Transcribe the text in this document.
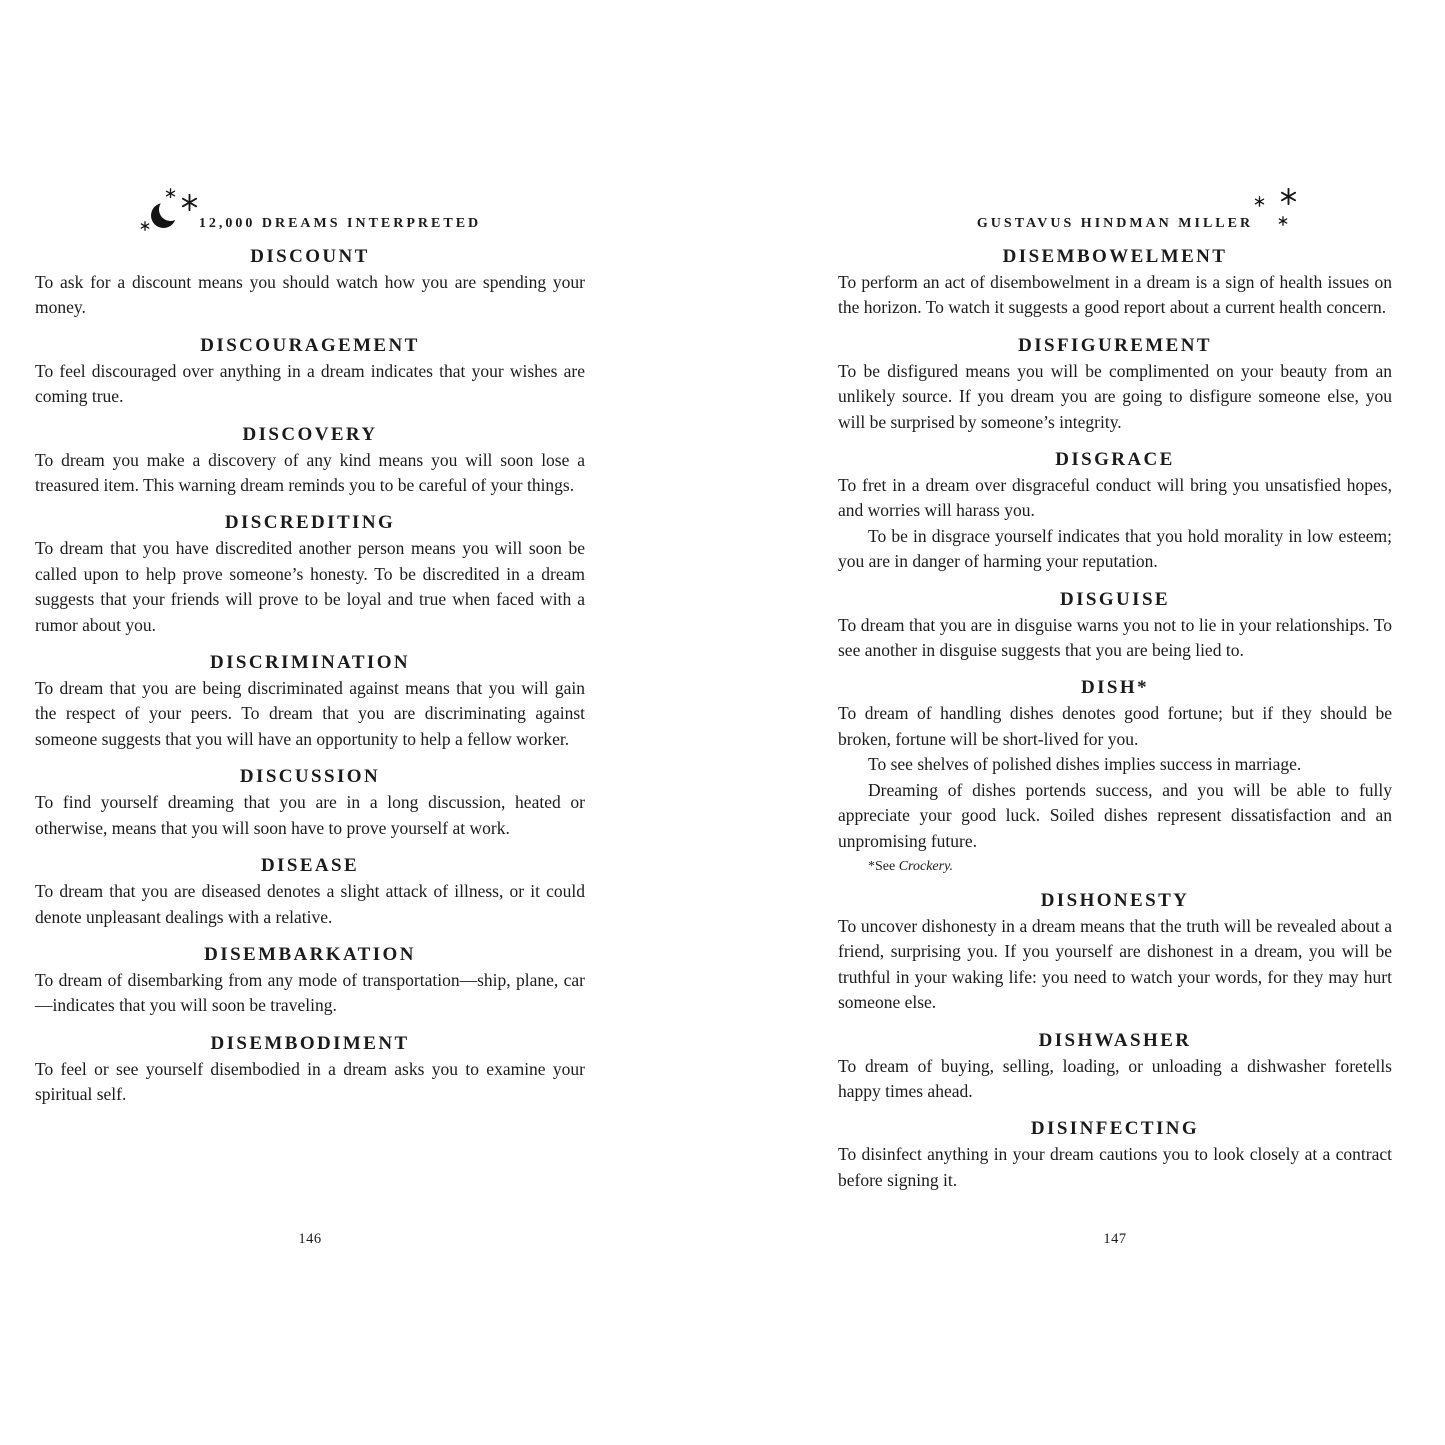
12,000 DREAMS INTERPRETED
DISCOUNT

To ask for a discount means you should watch how you are spending your money.

DISCOURAGEMENT

To feel discouraged over anything in a dream indicates that your wishes are coming true.

DISCOVERY

To dream you make a discovery of any kind means you will soon lose a treasured item. This warning dream reminds you to be careful of your things.

DISCREDITING

To dream that you have discredited another person means you will soon be called upon to help prove someone’s honesty. To be discredited in a dream suggests that your friends will prove to be loyal and true when faced with a rumor about you.

DISCRIMINATION

To dream that you are being discriminated against means that you will gain the respect of your peers. To dream that you are discriminating against someone suggests that you will have an opportunity to help a fellow worker.

DISCUSSION

To find yourself dreaming that you are in a long discussion, heated or otherwise, means that you will soon have to prove yourself at work.

DISEASE

To dream that you are diseased denotes a slight attack of illness, or it could denote unpleasant dealings with a relative.

DISEMBARKATION

To dream of disembarking from any mode of transportation—ship, plane, car—indicates that you will soon be traveling.

DISEMBODIMENT

To feel or see yourself disembodied in a dream asks you to examine your spiritual self.

146
GUSTAVUS HINDMAN MILLER
DISEMBOWELMENT

To perform an act of disembowelment in a dream is a sign of health issues on the horizon. To watch it suggests a good report about a current health concern.

DISFIGUREMENT

To be disfigured means you will be complimented on your beauty from an unlikely source. If you dream you are going to disfigure someone else, you will be surprised by someone’s integrity.

DISGRACE

To fret in a dream over disgraceful conduct will bring you unsatisfied hopes, and worries will harass you.

To be in disgrace yourself indicates that you hold morality in low esteem; you are in danger of harming your reputation.

DISGUISE

To dream that you are in disguise warns you not to lie in your relationships. To see another in disguise suggests that you are being lied to.

DISH*

To dream of handling dishes denotes good fortune; but if they should be broken, fortune will be short-lived for you.

To see shelves of polished dishes implies success in marriage.

Dreaming of dishes portends success, and you will be able to fully appreciate your good luck. Soiled dishes represent dissatisfaction and an unpromising future.

*See Crockery.

DISHONESTY

To uncover dishonesty in a dream means that the truth will be revealed about a friend, surprising you. If you yourself are dishonest in a dream, you will be truthful in your waking life: you need to watch your words, for they may hurt someone else.

DISHWASHER

To dream of buying, selling, loading, or unloading a dishwasher foretells happy times ahead.

DISINFECTING

To disinfect anything in your dream cautions you to look closely at a contract before signing it.

147
